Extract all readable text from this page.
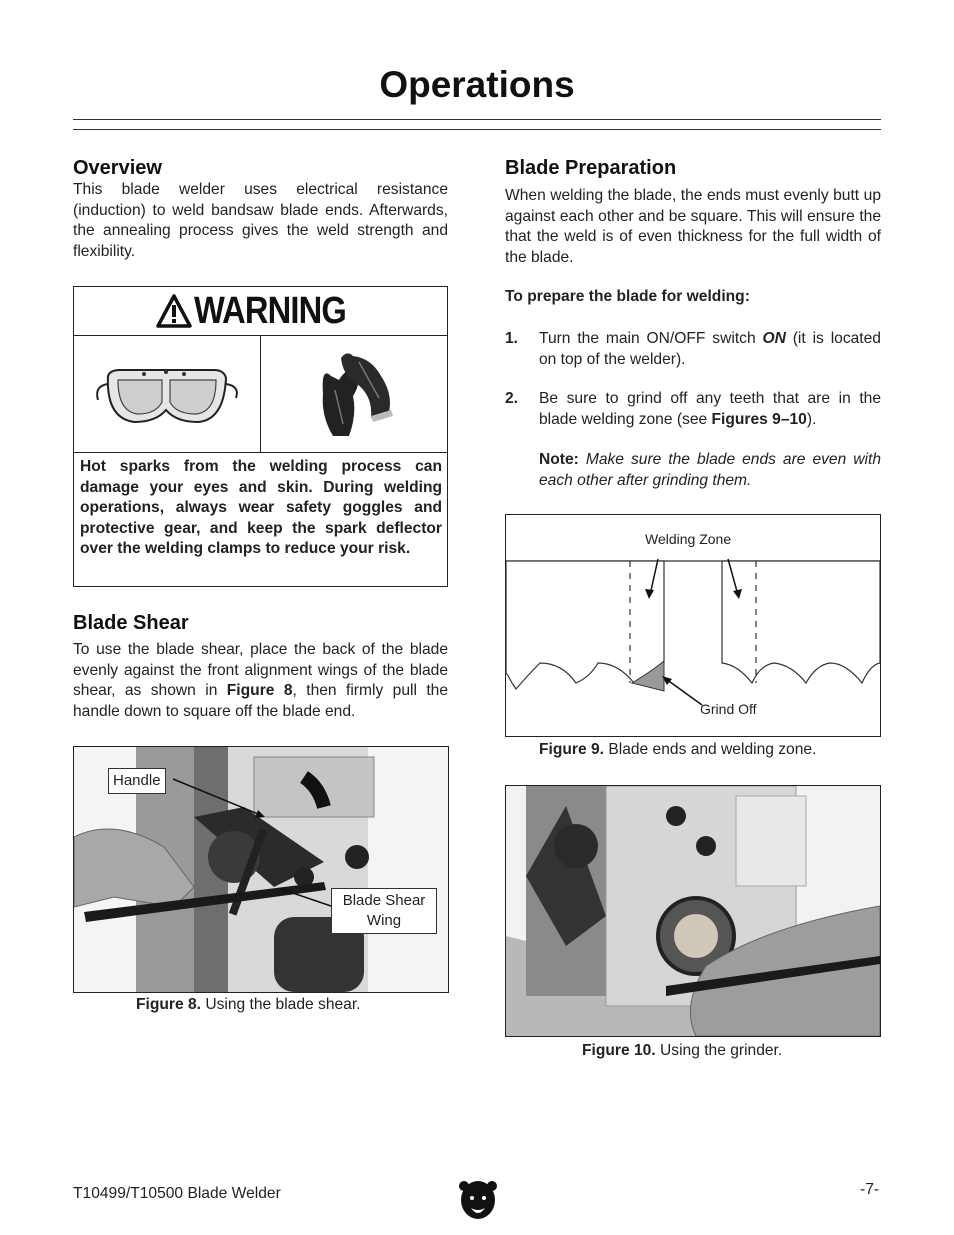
Operations
Overview
This blade welder uses electrical resistance (induction) to weld bandsaw blade ends. Afterwards, the annealing process gives the weld strength and flexibility.
WARNING
Hot sparks from the welding process can damage your eyes and skin. During welding operations, always wear safety goggles and protective gear, and keep the spark deflector over the welding clamps to reduce your risk.
Blade Shear
To use the blade shear, place the back of the blade evenly against the front alignment wings of the blade shear, as shown in Figure 8, then firmly pull the handle down to square off the blade end.
Handle
Blade Shear
Wing
Figure 8. Using the blade shear.
Blade Preparation
When welding the blade, the ends must evenly butt up against each other and be square. This will ensure the that the weld is of even thickness for the full width of the blade.
To prepare the blade for welding:
1. Turn the main ON/OFF switch ON (it is located on top of the welder).
2. Be sure to grind off any teeth that are in the blade welding zone (see Figures 9–10).
Note: Make sure the blade ends are even with each other after grinding them.
Welding Zone
Grind Off
Figure 9. Blade ends and welding zone.
Figure 10. Using the grinder.
T10499/T10500 Blade Welder	-7-
